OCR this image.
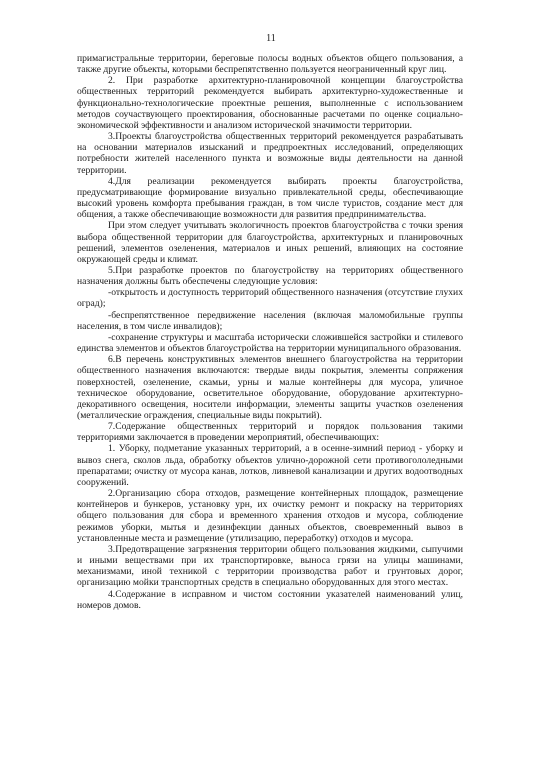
11

примагистральные территории, береговые полосы водных объектов общего пользования, а также другие объекты, которыми беспрепятственно пользуется неограниченный круг лиц.

2. При разработке архитектурно-планировочной концепции благоустройства общественных территорий рекомендуется выбирать архитектурно-художественные и функционально-технологические проектные решения, выполненные с использованием методов соучаствующего проектирования, обоснованные расчетами по оценке социально-экономической эффективности и анализом исторической значимости территории.

3.Проекты благоустройства общественных территорий рекомендуется разрабатывать на основании материалов изысканий и предпроектных исследований, определяющих потребности жителей населенного пункта и возможные виды деятельности на данной территории.

4.Для реализации рекомендуется выбирать проекты благоустройства, предусматривающие формирование визуально привлекательной среды, обеспечивающие высокий уровень комфорта пребывания граждан, в том числе туристов, создание мест для общения, а также обеспечивающие возможности для развития предпринимательства.

При этом следует учитывать экологичность проектов благоустройства с точки зрения выбора общественной территории для благоустройства, архитектурных и планировочных решений, элементов озеленения, материалов и иных решений, влияющих на состояние окружающей среды и климат.

5.При разработке проектов по благоустройству на территориях общественного назначения должны быть обеспечены следующие условия:

-открытость и доступность территорий общественного назначения (отсутствие глухих оград);

-беспрепятственное передвижение населения (включая маломобильные группы населения, в том числе инвалидов);

-сохранение структуры и масштаба исторически сложившейся застройки и стилевого единства элементов и объектов благоустройства на территории муниципального образования.

6.В перечень конструктивных элементов внешнего благоустройства на территории общественного назначения включаются: твердые виды покрытия, элементы сопряжения поверхностей, озеленение, скамьи, урны и малые контейнеры для мусора, уличное техническое оборудование, осветительное оборудование, оборудование архитектурно-декоративного освещения, носители информации, элементы защиты участков озеленения (металлические ограждения, специальные виды покрытий).

7.Содержание общественных территорий и порядок пользования такими территориями заключается в проведении мероприятий, обеспечивающих:

1. Уборку, подметание указанных территорий, а в осенне-зимний период - уборку и вывоз снега, сколов льда, обработку объектов улично-дорожной сети противогололедными препаратами; очистку от мусора канав, лотков, ливневой канализации и других водоотводных сооружений.

2.Организацию сбора отходов, размещение контейнерных площадок, размещение контейнеров и бункеров, установку урн, их очистку ремонт и покраску на территориях общего пользования для сбора и временного хранения отходов и мусора, соблюдение режимов уборки, мытья и дезинфекции данных объектов, своевременный вывоз в установленные места и размещение (утилизацию, переработку) отходов и мусора.

3.Предотвращение загрязнения территории общего пользования жидкими, сыпучими и иными веществами при их транспортировке, выноса грязи на улицы машинами, механизмами, иной техникой с территории производства работ и грунтовых дорог, организацию мойки транспортных средств в специально оборудованных для этого местах.

4.Содержание в исправном и чистом состоянии указателей наименований улиц, номеров домов.
